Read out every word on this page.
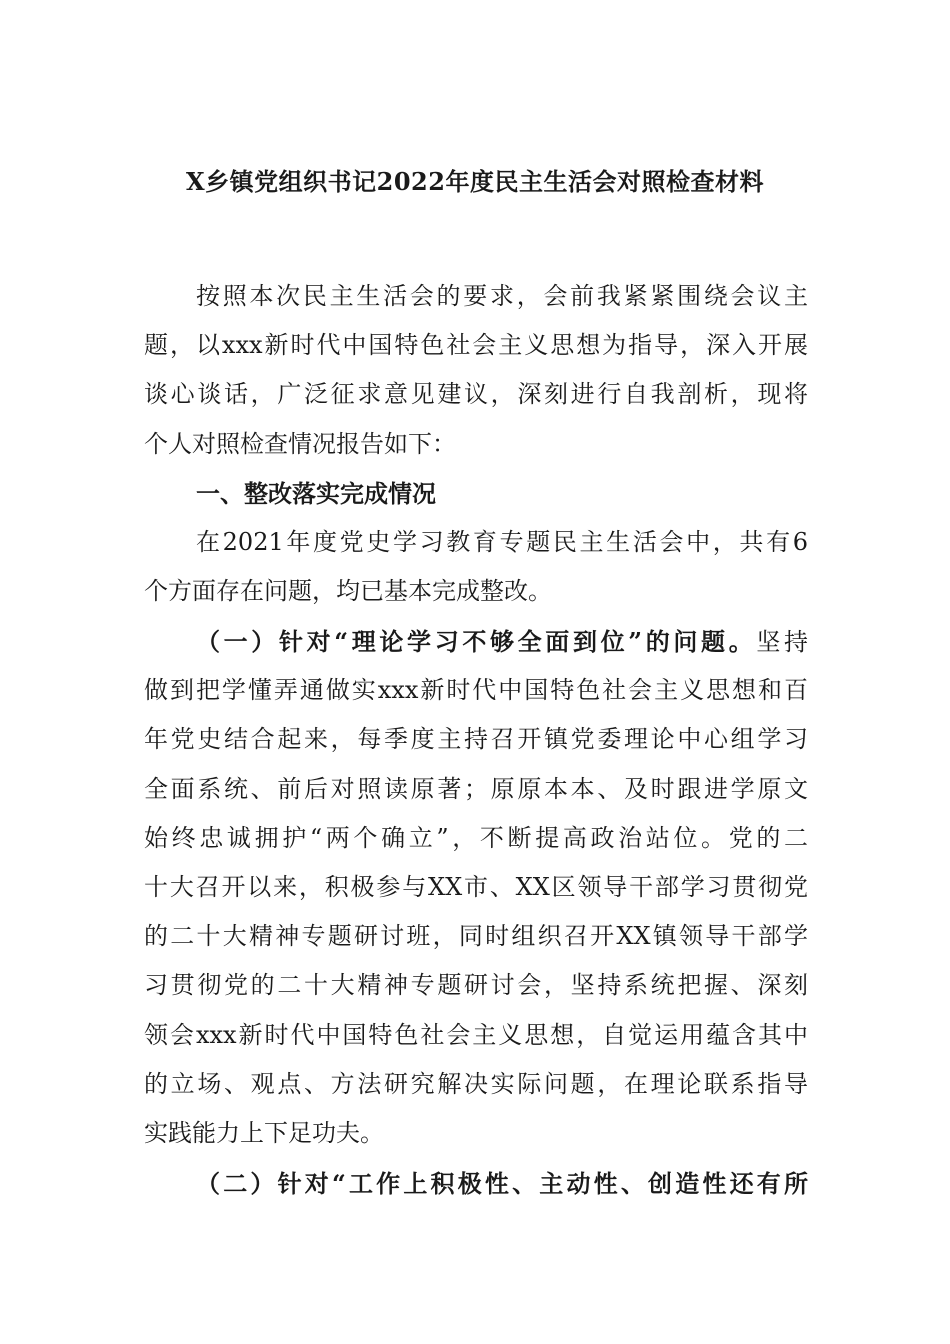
X乡镇党组织书记2022年度民主生活会对照检查材料
按照本次民主生活会的要求，会前我紧紧围绕会议主
题，以xxx新时代中国特色社会主义思想为指导，深入开展
谈心谈话，广泛征求意见建议，深刻进行自我剖析，现将
个人对照检查情况报告如下：
一、整改落实完成情况
在2021年度党史学习教育专题民主生活会中，共有6
个方面存在问题，均已基本完成整改。
（一）针对“理论学习不够全面到位”的问题。坚持
做到把学懂弄通做实xxx新时代中国特色社会主义思想和百
年党史结合起来，每季度主持召开镇党委理论中心组学习
全面系统、前后对照读原著；原原本本、及时跟进学原文
始终忠诚拥护“两个确立”，不断提高政治站位。党的二
十大召开以来，积极参与XX市、XX区领导干部学习贯彻党
的二十大精神专题研讨班，同时组织召开XX镇领导干部学
习贯彻党的二十大精神专题研讨会，坚持系统把握、深刻
领会xxx新时代中国特色社会主义思想，自觉运用蕴含其中
的立场、观点、方法研究解决实际问题，在理论联系指导
实践能力上下足功夫。
（二）针对“工作上积极性、主动性、创造性还有所
